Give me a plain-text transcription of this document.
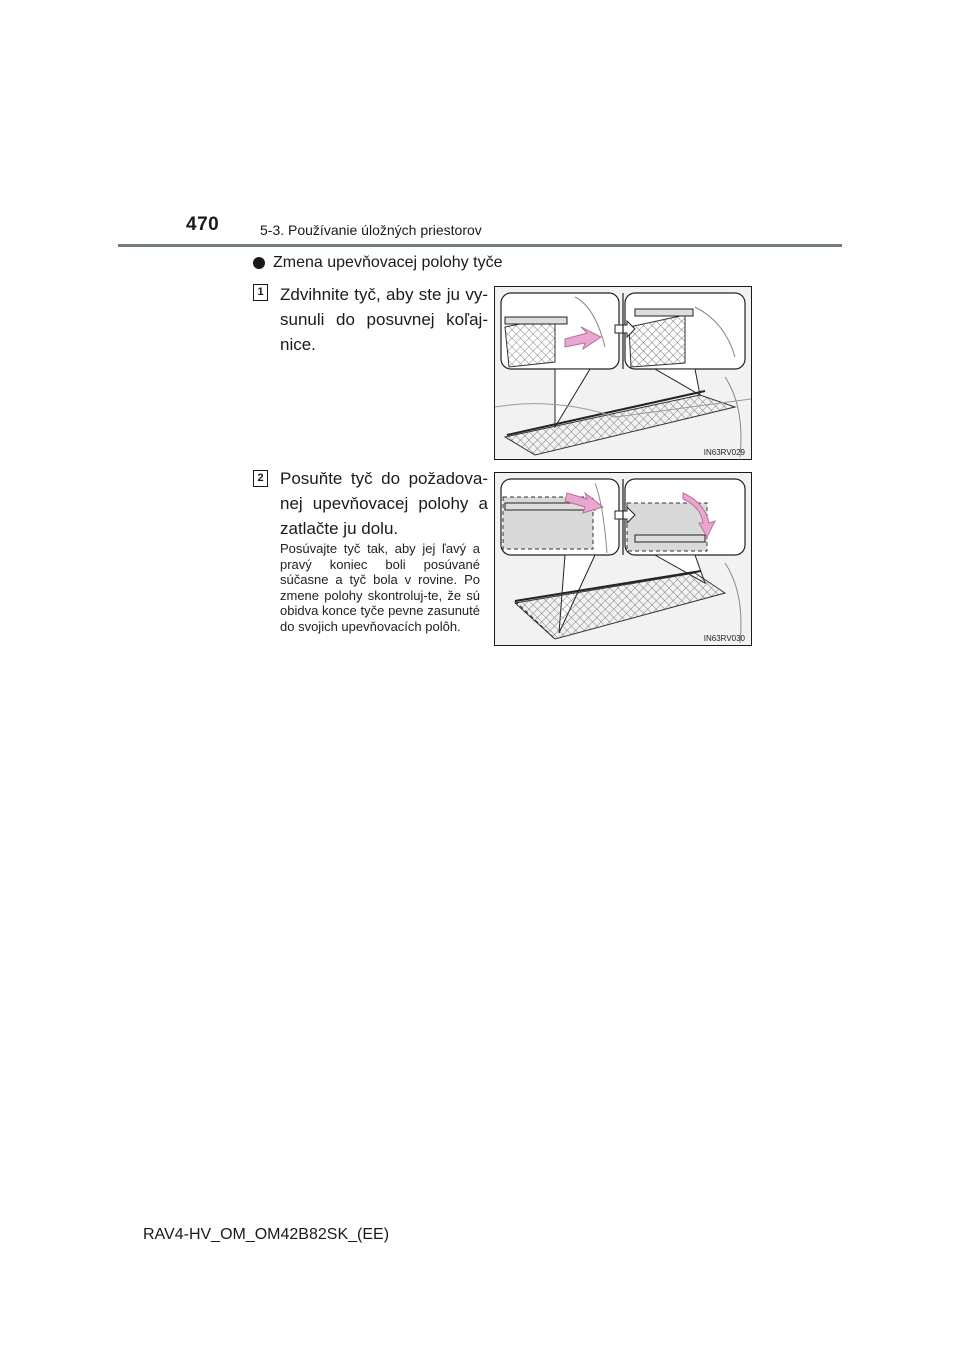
470	5-3. Používanie úložných priestorov
Zmena upevňovacej polohy tyče
1 Zdvihnite tyč, aby ste ju vy-sunuli do posuvnej koľaj-nice.
IN63RV029
2 Posuňte tyč do požadova-nej upevňovacej polohy a zatlačte ju dolu.
Posúvajte tyč tak, aby jej ľavý a pravý koniec boli posúvané súčasne a tyč bola v rovine. Po zmene polohy skontroluj-te, že sú obidva konce tyče pevne zasunuté do svojich upevňovacích polôh.
IN63RV030
RAV4-HV_OM_OM42B82SK_(EE)
